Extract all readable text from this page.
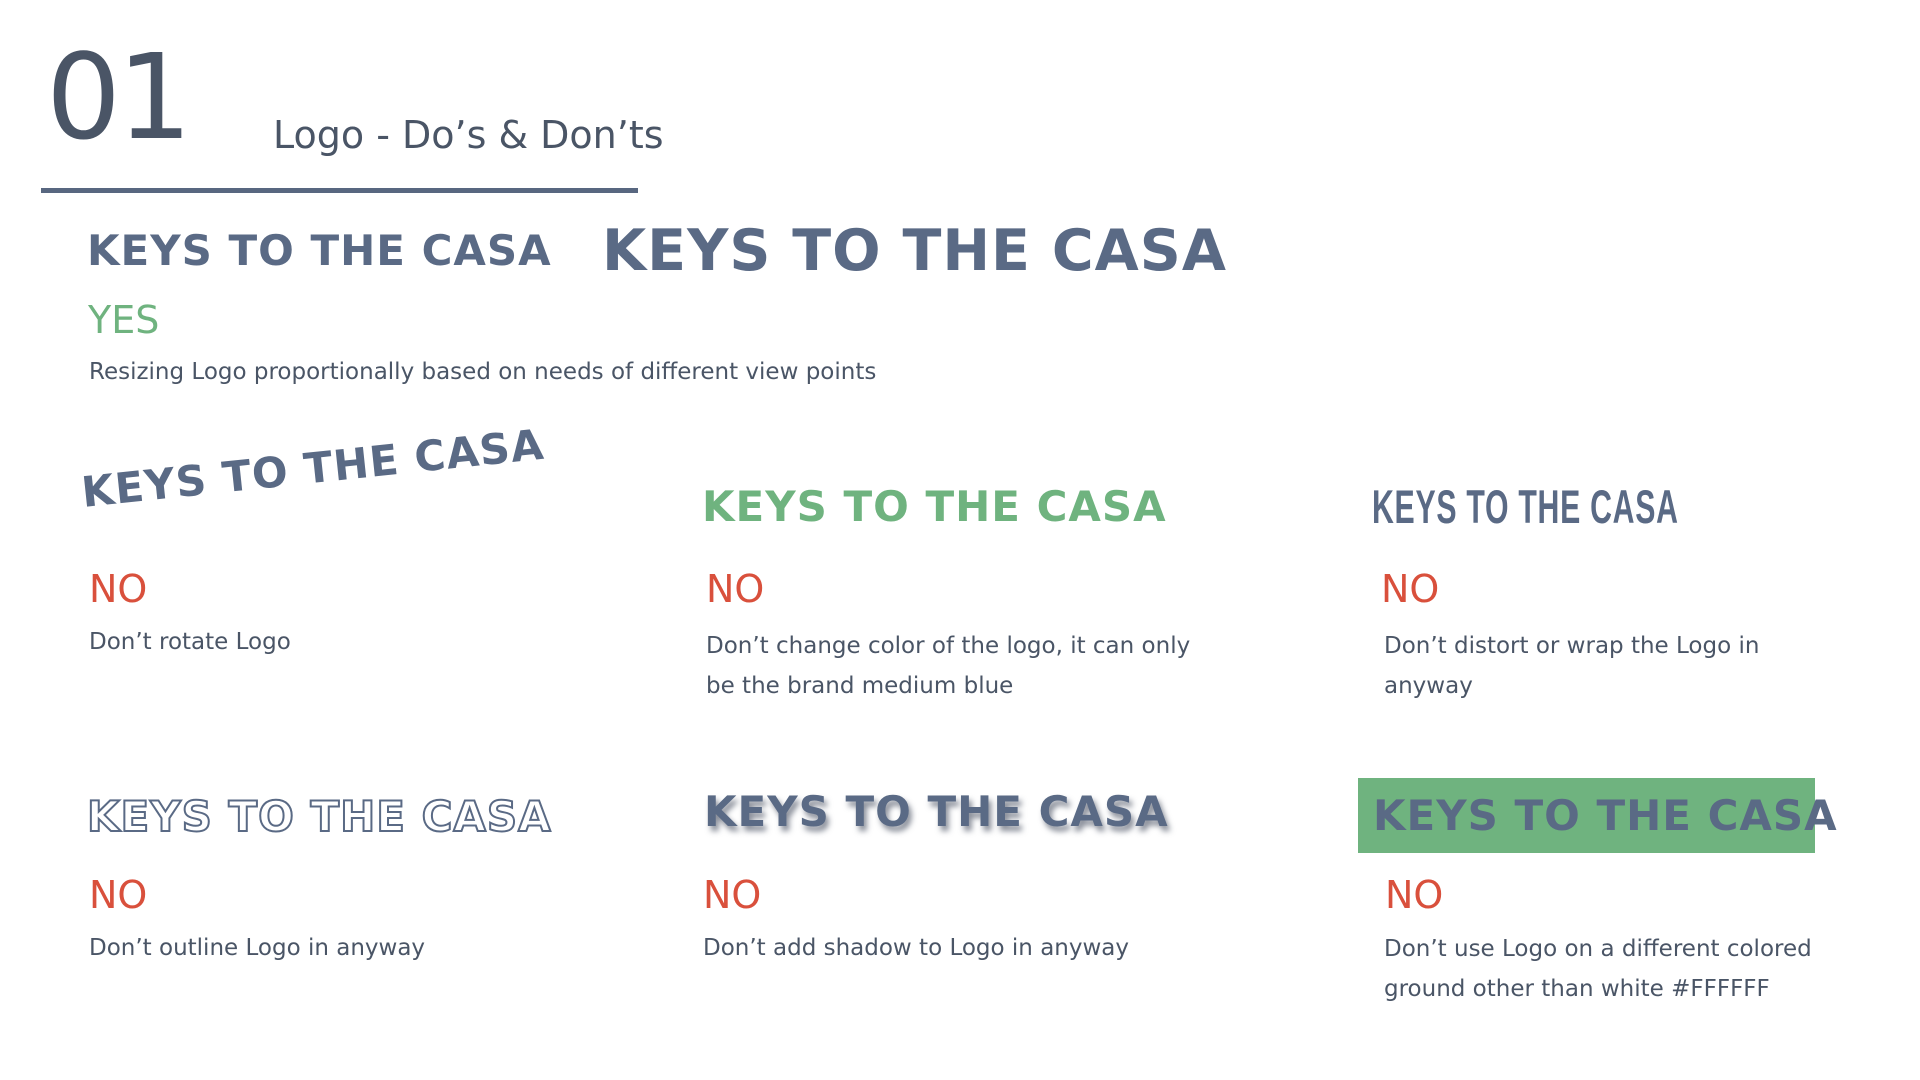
01 Logo - Do’s & Don’ts
KEYS TO THE CASA KEYS TO THE CASA
YES
Resizing Logo proportionally based on needs of different view points
KEYS TO THE CASA
NO
Don’t rotate Logo
KEYS TO THE CASA
NO
Don’t change color of the logo, it can only be the brand medium blue
KEYS TO THE CASA
NO
Don’t distort or wrap the Logo in anyway
KEYS TO THE CASA
NO
Don’t outline Logo in anyway
KEYS TO THE CASA
NO
Don’t add shadow to Logo in anyway
KEYS TO THE CASA
NO
Don’t use Logo on a different colored ground other than white #FFFFFF
